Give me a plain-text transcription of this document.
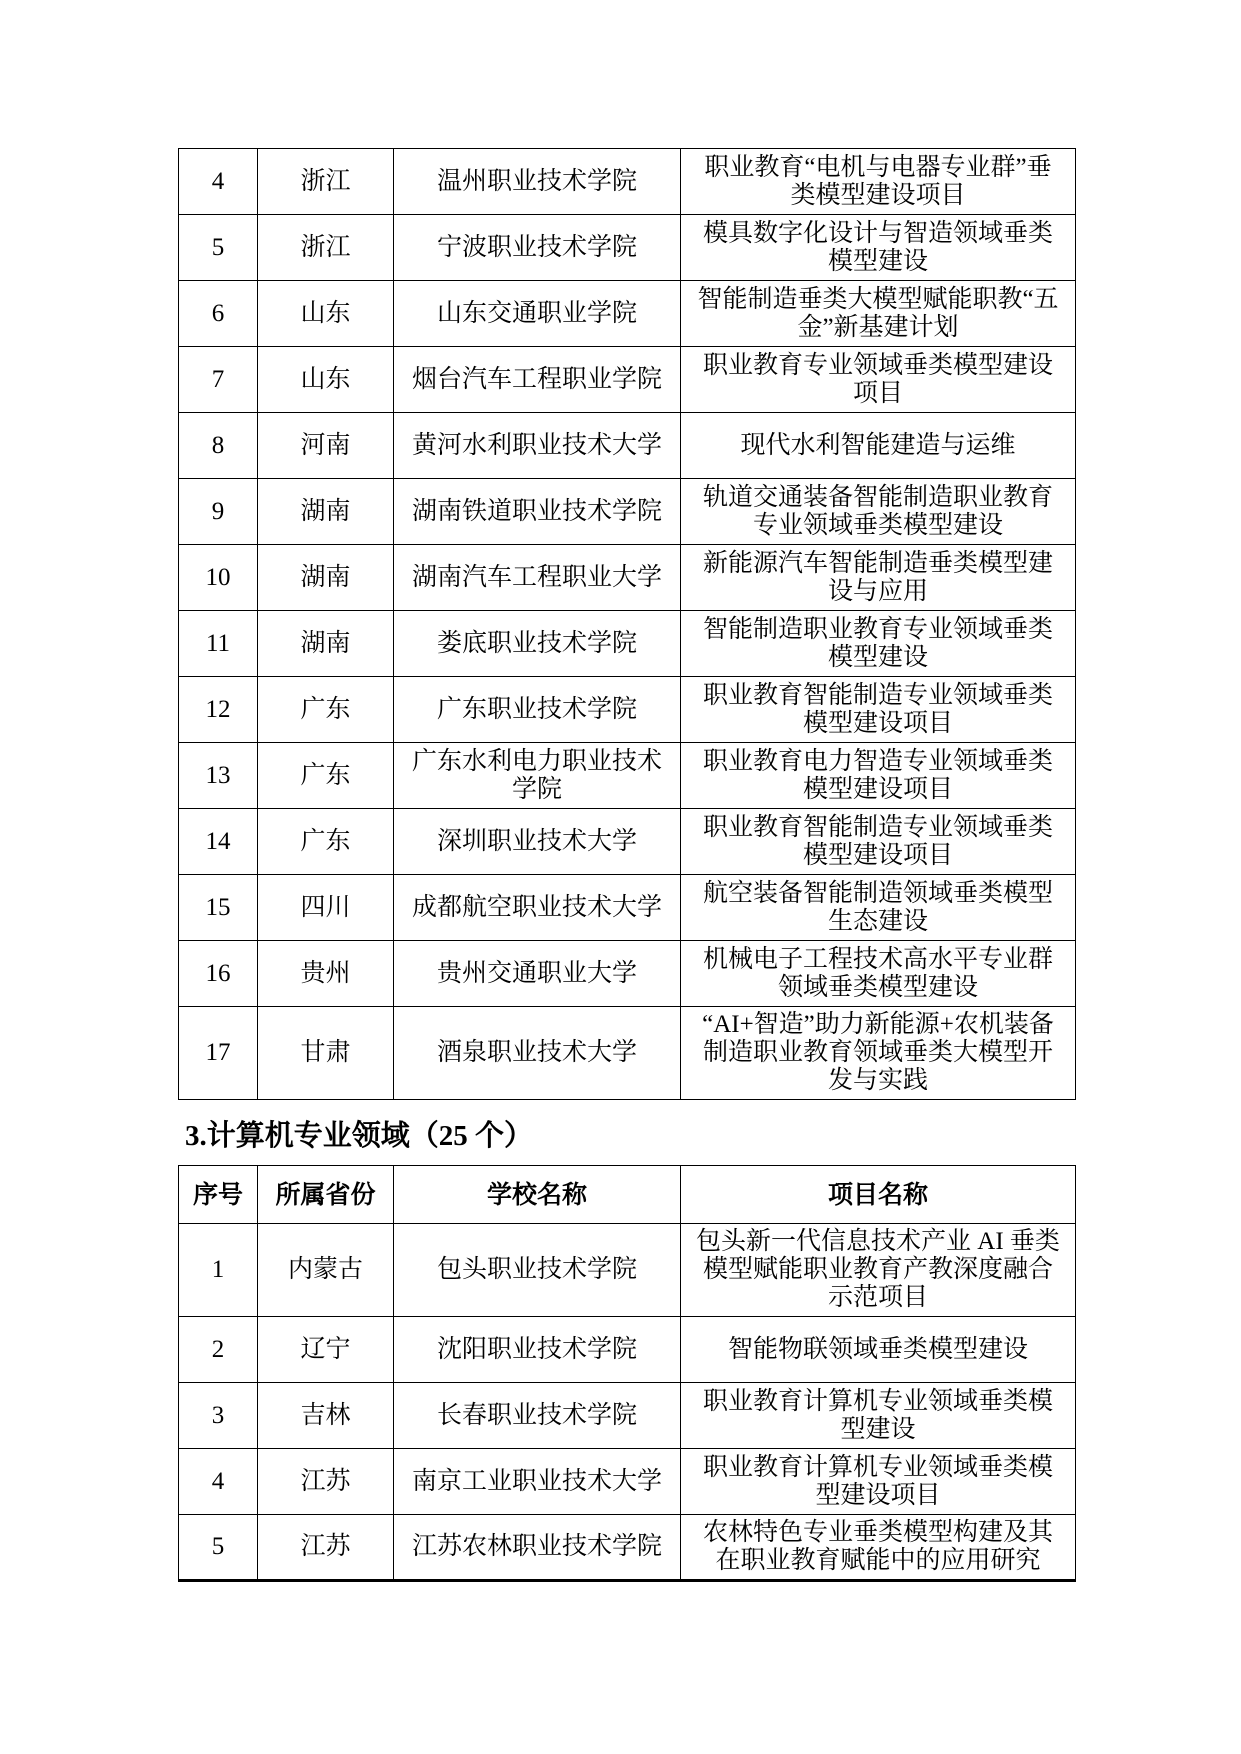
4	浙江	温州职业技术学院	职业教育“电机与电器专业群”垂类模型建设项目
5	浙江	宁波职业技术学院	模具数字化设计与智造领域垂类模型建设
6	山东	山东交通职业学院	智能制造垂类大模型赋能职教“五金”新基建计划
7	山东	烟台汽车工程职业学院	职业教育专业领域垂类模型建设项目
8	河南	黄河水利职业技术大学	现代水利智能建造与运维
9	湖南	湖南铁道职业技术学院	轨道交通装备智能制造职业教育专业领域垂类模型建设
10	湖南	湖南汽车工程职业大学	新能源汽车智能制造垂类模型建设与应用
11	湖南	娄底职业技术学院	智能制造职业教育专业领域垂类模型建设
12	广东	广东职业技术学院	职业教育智能制造专业领域垂类模型建设项目
13	广东	广东水利电力职业技术学院	职业教育电力智造专业领域垂类模型建设项目
14	广东	深圳职业技术大学	职业教育智能制造专业领域垂类模型建设项目
15	四川	成都航空职业技术大学	航空装备智能制造领域垂类模型生态建设
16	贵州	贵州交通职业大学	机械电子工程技术高水平专业群领域垂类模型建设
17	甘肃	酒泉职业技术大学	“AI+智造”助力新能源+农机装备制造职业教育领域垂类大模型开发与实践
3.计算机专业领域（25 个）
序号	所属省份	学校名称	项目名称
1	内蒙古	包头职业技术学院	包头新一代信息技术产业 AI 垂类模型赋能职业教育产教深度融合示范项目
2	辽宁	沈阳职业技术学院	智能物联领域垂类模型建设
3	吉林	长春职业技术学院	职业教育计算机专业领域垂类模型建设
4	江苏	南京工业职业技术大学	职业教育计算机专业领域垂类模型建设项目
5	江苏	江苏农林职业技术学院	农林特色专业垂类模型构建及其在职业教育赋能中的应用研究
